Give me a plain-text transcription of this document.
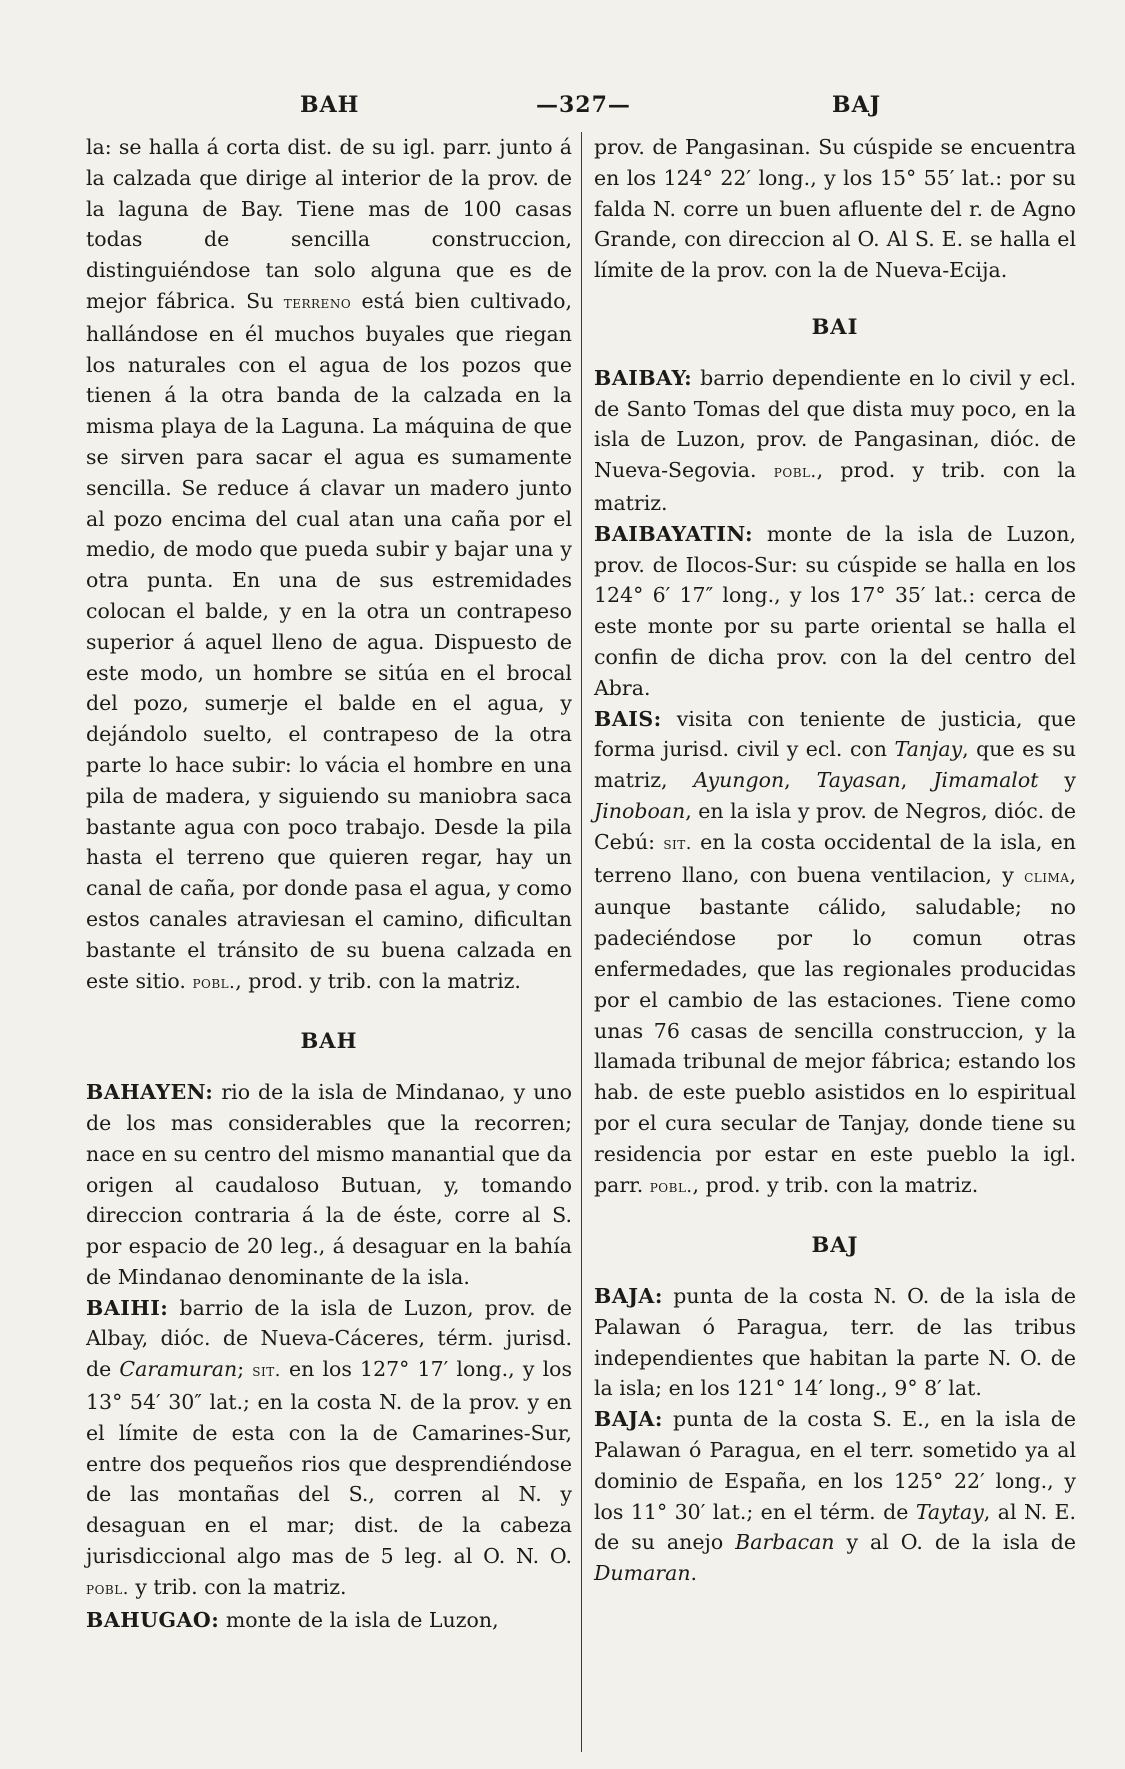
BAH	—327—	BAJ

la: se halla á corta dist. de su igl. parr. junto á la calzada que dirige al interior de la prov. de la laguna de Bay. Tiene mas de 100 casas todas de sencilla construccion, distinguiéndose tan solo alguna que es de mejor fábrica. Su terreno está bien cultivado, hallándose en él muchos buyales que riegan los naturales con el agua de los pozos que tienen á la otra banda de la calzada en la misma playa de la Laguna. La máquina de que se sirven para sacar el agua es sumamente sencilla. Se reduce á clavar un madero junto al pozo encima del cual atan una caña por el medio, de modo que pueda subir y bajar una y otra punta. En una de sus estremidades colocan el balde, y en la otra un contrapeso superior á aquel lleno de agua. Dispuesto de este modo, un hombre se sitúa en el brocal del pozo, sumerje el balde en el agua, y dejándolo suelto, el contrapeso de la otra parte lo hace subir: lo vácia el hombre en una pila de madera, y siguiendo su maniobra saca bastante agua con poco trabajo. Desde la pila hasta el terreno que quieren regar, hay un canal de caña, por donde pasa el agua, y como estos canales atraviesan el camino, dificultan bastante el tránsito de su buena calzada en este sitio. pobl., prod. y trib. con la matriz.

BAH

BAHAYEN: rio de la isla de Mindanao, y uno de los mas considerables que la recorren; nace en su centro del mismo manantial que da origen al caudaloso Butuan, y, tomando direccion contraria á la de éste, corre al S. por espacio de 20 leg., á desaguar en la bahía de Mindanao denominante de la isla.

BAIHI: barrio de la isla de Luzon, prov. de Albay, dióc. de Nueva-Cáceres, térm. jurisd. de Caramuran; sit. en los 127° 17′ long., y los 13° 54′ 30″ lat.; en la costa N. de la prov. y en el límite de esta con la de Camarines-Sur, entre dos pequeños rios que desprendiéndose de las montañas del S., corren al N. y desaguan en el mar; dist. de la cabeza jurisdiccional algo mas de 5 leg. al O. N. O. pobl. y trib. con la matriz.

BAHUGAO: monte de la isla de Luzon,

prov. de Pangasinan. Su cúspide se encuentra en los 124° 22′ long., y los 15° 55′ lat.: por su falda N. corre un buen afluente del r. de Agno Grande, con direccion al O. Al S. E. se halla el límite de la prov. con la de Nueva-Ecija.

BAI

BAIBAY: barrio dependiente en lo civil y ecl. de Santo Tomas del que dista muy poco, en la isla de Luzon, prov. de Pangasinan, dióc. de Nueva-Segovia. pobl., prod. y trib. con la matriz.

BAIBAYATIN: monte de la isla de Luzon, prov. de Ilocos-Sur: su cúspide se halla en los 124° 6′ 17″ long., y los 17° 35′ lat.: cerca de este monte por su parte oriental se halla el confin de dicha prov. con la del centro del Abra.

BAIS: visita con teniente de justicia, que forma jurisd. civil y ecl. con Tanjay, que es su matriz, Ayungon, Tayasan, Jimamalot y Jinoboan, en la isla y prov. de Negros, dióc. de Cebú: sit. en la costa occidental de la isla, en terreno llano, con buena ventilacion, y clima, aunque bastante cálido, saludable; no padeciéndose por lo comun otras enfermedades, que las regionales producidas por el cambio de las estaciones. Tiene como unas 76 casas de sencilla construccion, y la llamada tribunal de mejor fábrica; estando los hab. de este pueblo asistidos en lo espiritual por el cura secular de Tanjay, donde tiene su residencia por estar en este pueblo la igl. parr. pobl., prod. y trib. con la matriz.

BAJ

BAJA: punta de la costa N. O. de la isla de Palawan ó Paragua, terr. de las tribus independientes que habitan la parte N. O. de la isla; en los 121° 14′ long., 9° 8′ lat.

BAJA: punta de la costa S. E., en la isla de Palawan ó Paragua, en el terr. sometido ya al dominio de España, en los 125° 22′ long., y los 11° 30′ lat.; en el térm. de Taytay, al N. E. de su anejo Barbacan y al O. de la isla de Dumaran.
